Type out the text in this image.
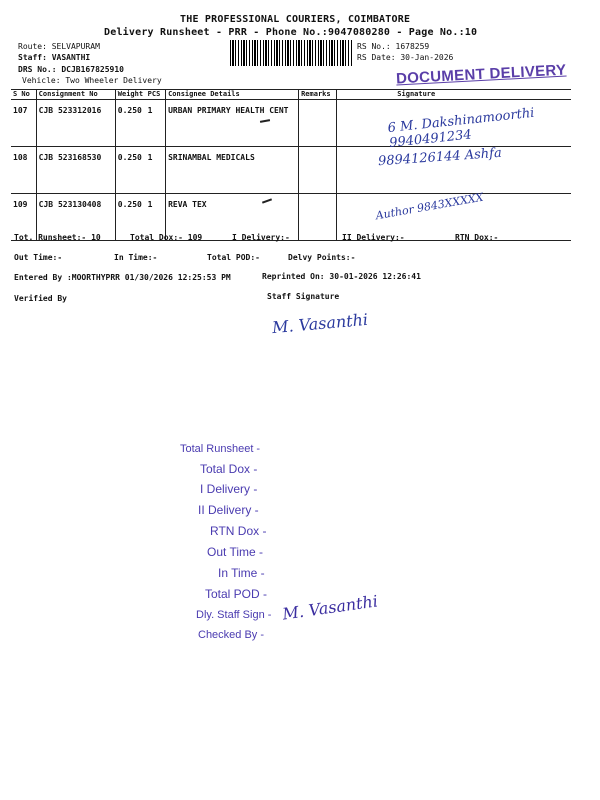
THE PROFESSIONAL COURIERS, COIMBATORE
Delivery Runsheet - PRR - Phone No.:9047080280 - Page No.:10
Route: SELVAPURAM
Staff: VASANTHI
DRS No.: DCJB167825910
Vehicle: Two Wheeler Delivery
RS No.: 1678259
RS Date: 30-Jan-2026
DOCUMENT DELIVERY
S No	Consignment No	Weight	PCS	Consignee Details	Remarks	Signature
107	CJB 523312016	0.250	1	URBAN PRIMARY HEALTH CENT		
108	CJB 523168530	0.250	1	SRINAMBAL MEDICALS		
109	CJB 523130408	0.250	1	REVA TEX		
6 M. Dakshinamoorthi 9940491234
9894126144 Ashfa
Author 9843XXXXX
Tot. Runsheet:- 10	Total Dox:- 109	I Delivery:-	II Delivery:-	RTN Dox:-
Out Time:-	In Time:-	Total POD:-	Delvy Points:-
Entered By :MOORTHYPRR 01/30/2026 12:25:53 PM	Reprinted On: 30-01-2026 12:26:41
Verified By	Staff Signature
M. Vasanthi
Total Runsheet -
Total Dox -
I Delivery -
II Delivery -
RTN Dox -
Out Time -
In Time -
Total POD -
Dly. Staff Sign -
Checked By -
M. Vasanthi
